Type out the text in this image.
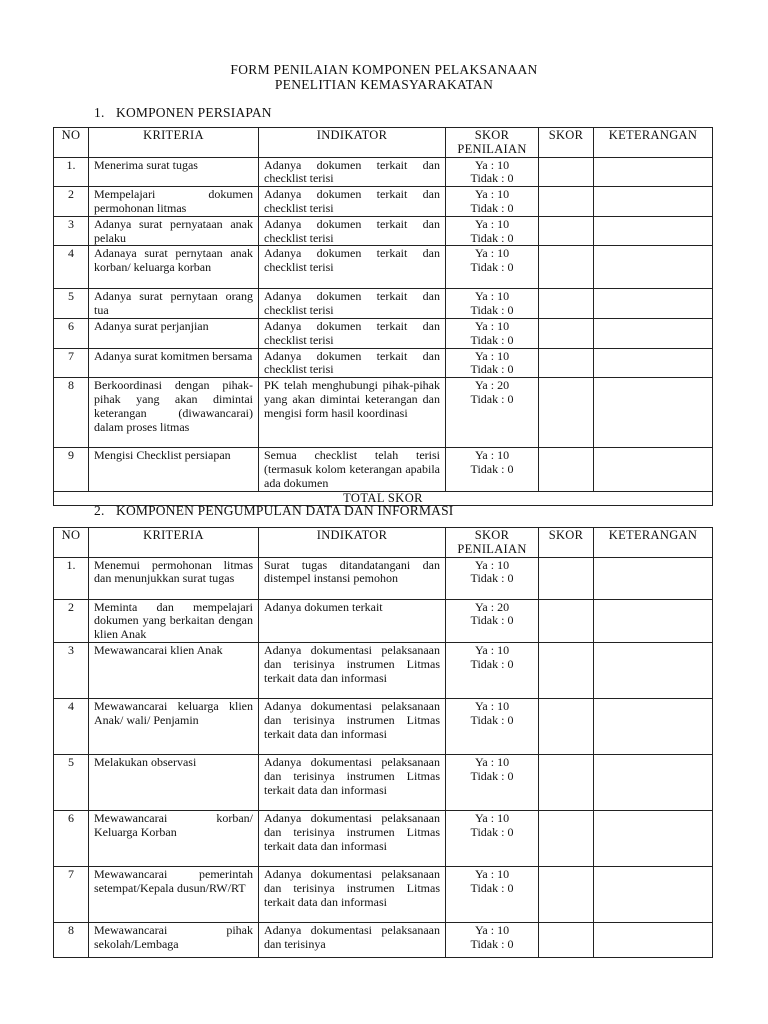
FORM PENILAIAN KOMPONEN PELAKSANAAN
PENELITIAN KEMASYARAKATAN
1. KOMPONEN PERSIAPAN
NO	KRITERIA	INDIKATOR	SKOR PENILAIAN	SKOR	KETERANGAN
1.	Menerima surat tugas	Adanya dokumen terkait dan checklist terisi	Ya : 10
Tidak : 0		

2	Mempelajari dokumen permohonan litmas	Adanya dokumen terkait dan checklist terisi	Ya : 10
Tidak : 0		

3	Adanya surat pernyataan anak pelaku	Adanya dokumen terkait dan checklist terisi	Ya : 10
Tidak : 0		

4	Adanaya surat pernytaan anak korban/ keluarga korban	Adanya dokumen terkait dan checklist terisi	Ya : 10
Tidak : 0		

5	Adanya surat pernytaan orang tua	Adanya dokumen terkait dan checklist terisi	Ya : 10
Tidak : 0		

6	Adanya surat perjanjian	Adanya dokumen terkait dan checklist terisi	Ya : 10
Tidak : 0		

7	Adanya surat komitmen bersama	Adanya dokumen terkait dan checklist terisi	Ya : 10
Tidak : 0		

8	Berkoordinasi dengan pihak-pihak yang akan dimintai keterangan (diwawancarai) dalam proses litmas	PK telah menghubungi pihak-pihak yang akan dimintai keterangan dan mengisi form hasil koordinasi	Ya : 20
Tidak : 0		

9	Mengisi Checklist persiapan	Semua checklist telah terisi (termasuk kolom keterangan apabila ada dokumen	Ya : 10
Tidak : 0		

TOTAL SKOR					
2. KOMPONEN PENGUMPULAN DATA DAN INFORMASI
NO	KRITERIA	INDIKATOR	SKOR PENILAIAN	SKOR	KETERANGAN
1.	Menemui permohonan litmas dan menunjukkan surat tugas	Surat tugas ditandatangani dan distempel instansi pemohon	Ya : 10
Tidak : 0		

2	Meminta dan mempelajari dokumen yang berkaitan dengan klien Anak	Adanya dokumen terkait	Ya : 20
Tidak : 0		

3	Mewawancarai klien Anak	Adanya dokumentasi pelaksanaan dan terisinya instrumen Litmas terkait data dan informasi	Ya : 10
Tidak : 0		

4	Mewawancarai keluarga klien Anak/ wali/ Penjamin	Adanya dokumentasi pelaksanaan dan terisinya instrumen Litmas terkait data dan informasi	Ya : 10
Tidak : 0		

5	Melakukan observasi	Adanya dokumentasi pelaksanaan dan terisinya instrumen Litmas terkait data dan informasi	Ya : 10
Tidak : 0		

6	Mewawancarai korban/ Keluarga Korban	Adanya dokumentasi pelaksanaan dan terisinya instrumen Litmas terkait data dan informasi	Ya : 10
Tidak : 0		

7	Mewawancarai pemerintah setempat/Kepala dusun/RW/RT	Adanya dokumentasi pelaksanaan dan terisinya instrumen Litmas terkait data dan informasi	Ya : 10
Tidak : 0		

8	Mewawancarai pihak sekolah/Lembaga	Adanya dokumentasi pelaksanaan dan terisinya	Ya : 10
Tidak : 0		
